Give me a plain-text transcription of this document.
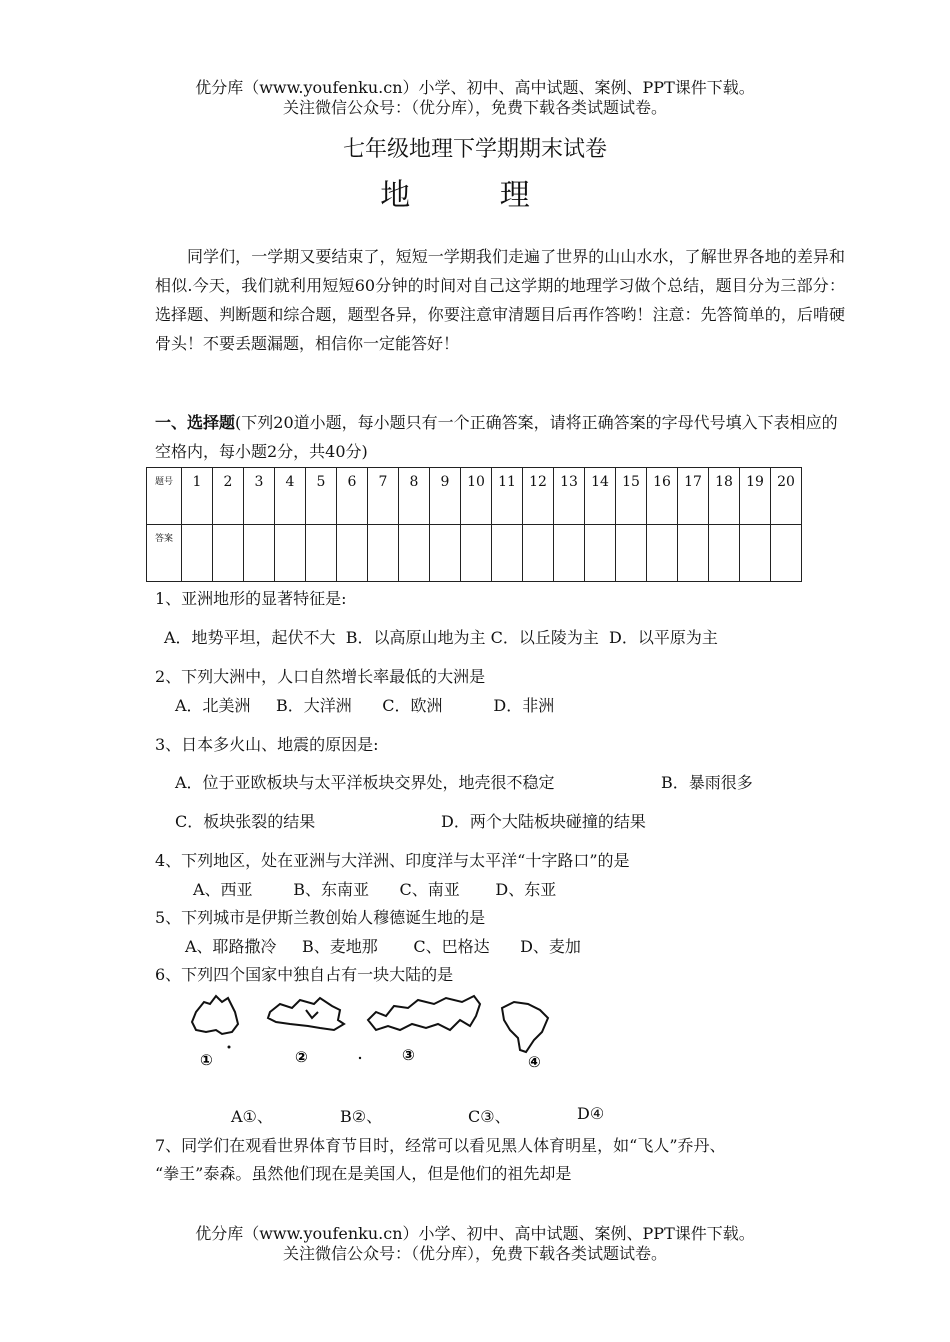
优分库（www.youfenku.cn）小学、初中、高中试题、案例、PPT课件下载。
关注微信公众号：（优分库），免费下载各类试题试卷。
七年级地理下学期期末试卷
地 理
同学们，一学期又要结束了，短短一学期我们走遍了世界的山山水水，了解世界各地的差异和相似.今天，我们就利用短短60分钟的时间对自己这学期的地理学习做个总结，题目分为三部分：选择题、判断题和综合题，题型各异，你要注意审清题目后再作答哟！注意：先答简单的，后啃硬骨头！不要丢题漏题，相信你一定能答好！
一、选择题(下列20道小题，每小题只有一个正确答案，请将正确答案的字母代号填入下表相应的空格内，每小题2分，共40分)
题号	1	2	3	4	5	6	7	8	9	10	11	12	13	14	15	16	17	18	19	20
答案																				
1、亚洲地形的显著特征是:
A．地势平坦，起伏不大  B．以高原山地为主 C．以丘陵为主  D．以平原为主
2、下列大洲中，人口自然增长率最低的大洲是
A．北美洲     B．大洋洲      C．欧洲          D．非洲
3、日本多火山、地震的原因是:
A．位于亚欧板块与太平洋板块交界处，地壳很不稳定	B．暴雨很多
C．板块张裂的结果	D．两个大陆板块碰撞的结果
4、下列地区，处在亚洲与大洋洲、印度洋与太平洋“十字路口”的是
A、西亚        B、东南亚      C、南亚       D、东亚
5、下列城市是伊斯兰教创始人穆德诞生地的是
A、耶路撒冷     B、麦地那       C、巴格达      D、麦加
6、下列四个国家中独自占有一块大陆的是
①	②	③	④
A①、	B②、	C③、	D④
7、同学们在观看世界体育节目时，经常可以看见黑人体育明星，如“飞人”乔丹、
“拳王”泰森。虽然他们现在是美国人，但是他们的祖先却是
优分库（www.youfenku.cn）小学、初中、高中试题、案例、PPT课件下载。
关注微信公众号：（优分库），免费下载各类试题试卷。
